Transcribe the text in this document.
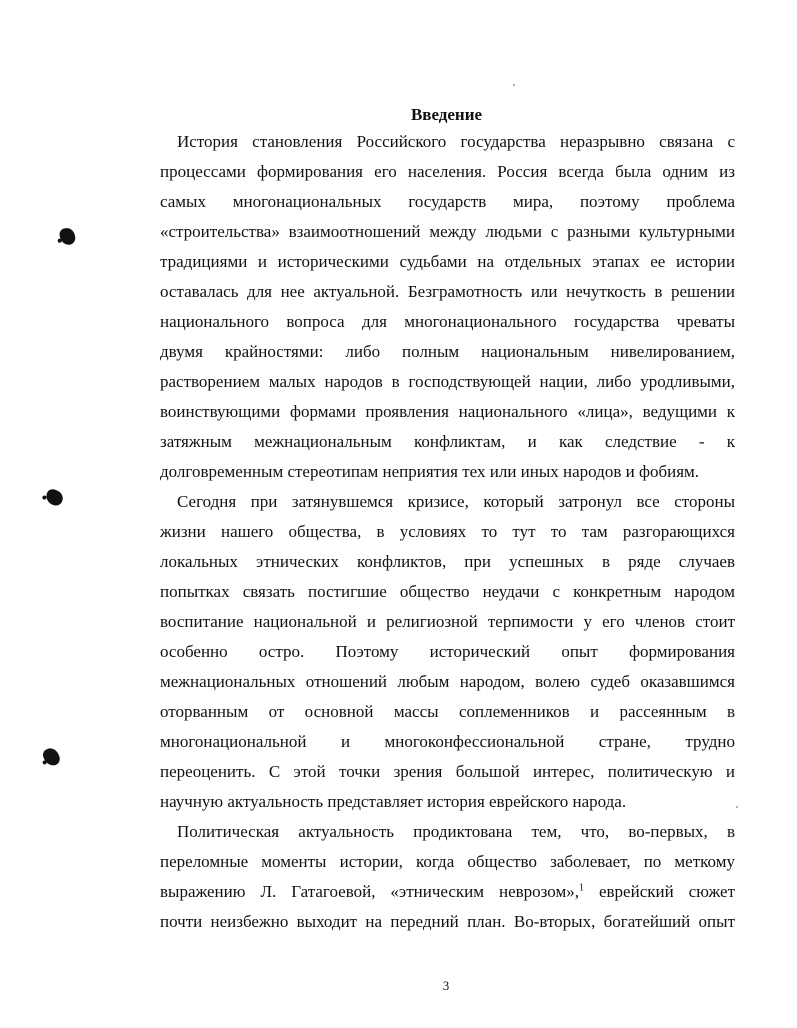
Введение
История становления Российского государства неразрывно связана с
процессами формирования его населения. Россия всегда была одним из
самых многонациональных государств мира, поэтому проблема
«строительства» взаимоотношений между людьми с разными культурными
традициями и историческими судьбами на отдельных этапах ее истории
оставалась для нее актуальной. Безграмотность или нечуткость в решении
национального вопроса для многонационального государства чреваты
двумя крайностями: либо полным национальным нивелированием,
растворением малых народов в господствующей нации, либо уродливыми,
воинствующими формами проявления национального «лица», ведущими к
затяжным межнациональным конфликтам, и как следствие - к
долговременным стереотипам неприятия тех или иных народов и фобиям.
Сегодня при затянувшемся кризисе, который затронул все стороны
жизни нашего общества, в условиях то тут то там разгорающихся
локальных этнических конфликтов, при успешных в ряде случаев
попытках связать постигшие общество неудачи с конкретным народом
воспитание национальной и религиозной терпимости у его членов стоит
особенно остро. Поэтому исторический опыт формирования
межнациональных отношений любым народом, волею судеб оказавшимся
оторванным от основной массы соплеменников и рассеянным в
многонациональной и многоконфессиональной стране, трудно
переоценить. С этой точки зрения большой интерес, политическую и
научную актуальность представляет история еврейского народа.
Политическая актуальность продиктована тем, что, во-первых, в
переломные моменты истории, когда общество заболевает, по меткому
выражению Л. Гатагоевой, «этническим неврозом»,$^1$ еврейский сюжет
почти неизбежно выходит на передний план. Во-вторых, богатейший опыт
3
